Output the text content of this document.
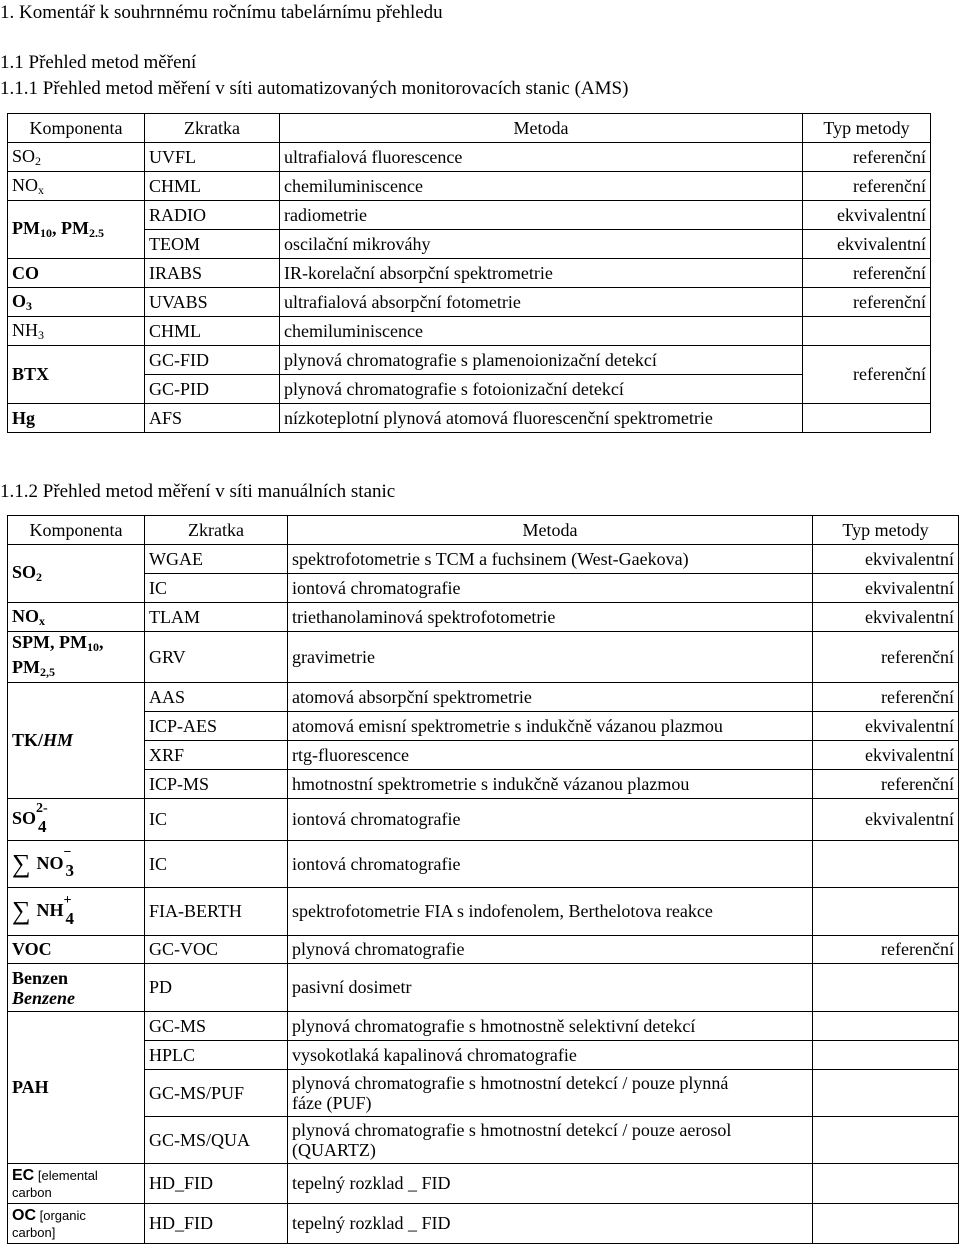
1. Komentář k souhrnnému ročnímu tabelárnímu přehledu
1.1 Přehled metod měření
1.1.1 Přehled metod měření v síti automatizovaných monitorovacích stanic (AMS)
Komponenta	Zkratka	Metoda	Typ metody
$SO_2$	UVFL	ultrafialová fluorescence	referenční
$NO_x$	CHML	chemiluminiscence	referenční
$PM_{10}$, $PM_{2.5}$	RADIO	radiometrie	ekvivalentní
	TEOM	oscilační mikrováhy	ekvivalentní
CO	IRABS	IR-korelační absorpční spektrometrie	referenční
$O_3$	UVABS	ultrafialová absorpční fotometrie	referenční
$NH_3$	CHML	chemiluminiscence	
BTX	GC-FID	plynová chromatografie s plamenoionizační detekcí	referenční
	GC-PID	plynová chromatografie s fotoionizační detekcí	
Hg	AFS	nízkoteplotní plynová atomová fluorescenční spektrometrie	
1.1.2 Přehled metod měření v síti manuálních stanic
Komponenta	Zkratka	Metoda	Typ metody
$SO_2$	WGAE	spektrofotometrie s TCM a fuchsinem (West-Gaekova)	ekvivalentní
	IC	iontová chromatografie	ekvivalentní
$NO_x$	TLAM	triethanolaminová spektrofotometrie	ekvivalentní
SPM, $PM_{10}$,
$PM_{2,5}$	GRV	gravimetrie	referenční
TK/HM	AAS	atomová absorpční spektrometrie	referenční
	ICP-AES	atomová emisní spektrometrie s indukčně vázanou plazmou	ekvivalentní
	XRF	rtg-fluorescence	ekvivalentní
	ICP-MS	hmotnostní spektrometrie s indukčně vázanou plazmou	referenční
SO 2-
4	IC	iontová chromatografie	ekvivalentní
∑ NO −
3	IC	iontová chromatografie	
∑ NH +
4	FIA-BERTH	spektrofotometrie FIA s indofenolem, Berthelotova reakce	
VOC	GC-VOC	plynová chromatografie	referenční
Benzen
Benzene	PD	pasivní dosimetr	
PAH	GC-MS	plynová chromatografie s hmotnostně selektivní detekcí	
	HPLC	vysokotlaká kapalinová chromatografie	
	GC-MS/PUF	plynová chromatografie s hmotnostní detekcí / pouze plynná
fáze (PUF)	
	GC-MS/QUA	plynová chromatografie s hmotnostní detekcí / pouze aerosol
(QUARTZ)	
EC [elemental
carbon	HD_FID	tepelný rozklad _ FID	
OC [organic
carbon]	HD_FID	tepelný rozklad _ FID	
